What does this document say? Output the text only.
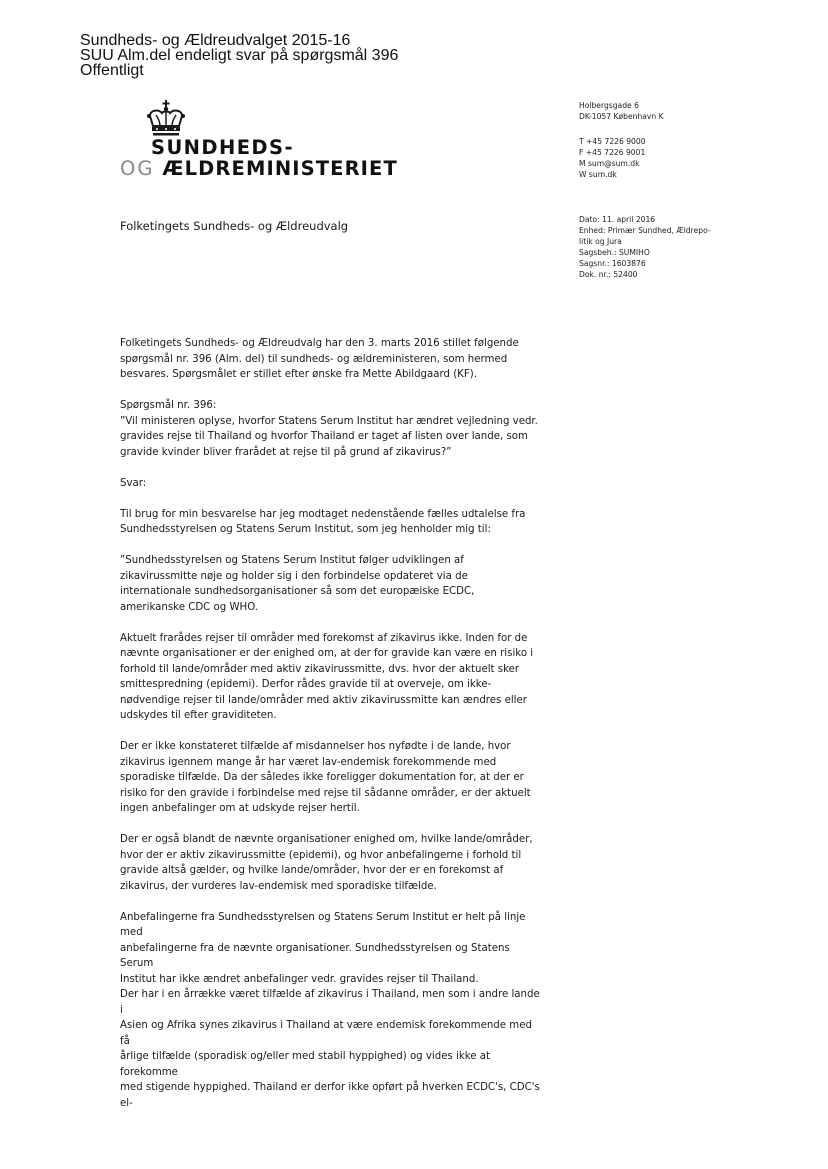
Sundheds- og Ældreudvalget 2015-16
SUU Alm.del endeligt svar på spørgsmål 396
Offentligt
SUNDHEDS-
OG ÆLDREMINISTERIET
Holbergsgade 6
DK-1057 København K
T +45 7226 9000
F +45 7226 9001
M sum@sum.dk
W sum.dk
Dato: 11. april 2016
Enhed: Primær Sundhed, Ældrepo-
litik og Jura
Sagsbeh.: SUMIHO
Sagsnr.: 1603876
Dok. nr.: 52400
Folketingets Sundheds- og Ældreudvalg

Folketingets Sundheds- og Ældreudvalg har den 3. marts 2016 stillet følgende spørgsmål nr. 396 (Alm. del) til sundheds- og ældreministeren, som hermed besvares. Spørgsmålet er stillet efter ønske fra Mette Abildgaard (KF).

Spørgsmål nr. 396:

”Vil ministeren oplyse, hvorfor Statens Serum Institut har ændret vejledning vedr. gravides rejse til Thailand og hvorfor Thailand er taget af listen over lande, som gravide kvinder bliver frarådet at rejse til på grund af zikavirus?”

Svar:

Til brug for min besvarelse har jeg modtaget nedenstående fælles udtalelse fra Sundhedsstyrelsen og Statens Serum Institut, som jeg henholder mig til:

”Sundhedsstyrelsen og Statens Serum Institut følger udviklingen af zikavirussmitte nøje og holder sig i den forbindelse opdateret via de internationale sundhedsorganisationer så som det europæiske ECDC, amerikanske CDC og WHO.

Aktuelt frarådes rejser til områder med forekomst af zikavirus ikke. Inden for de nævnte organisationer er der enighed om, at der for gravide kan være en risiko i forhold til lande/områder med aktiv zikavirussmitte, dvs. hvor der aktuelt sker smittespredning (epidemi). Derfor rådes gravide til at overveje, om ikke-nødvendige rejser til lande/områder med aktiv zikavirussmitte kan ændres eller udskydes til efter graviditeten.

Der er ikke konstateret tilfælde af misdannelser hos nyfødte i de lande, hvor zikavirus igennem mange år har været lav-endemisk forekommende med sporadiske tilfælde. Da der således ikke foreligger dokumentation for, at der er risiko for den gravide i forbindelse med rejse til sådanne områder, er der aktuelt ingen anbefalinger om at udskyde rejser hertil.

Der er også blandt de nævnte organisationer enighed om, hvilke lande/områder, hvor der er aktiv zikavirussmitte (epidemi), og hvor anbefalingerne i forhold til gravide altså gælder, og hvilke lande/områder, hvor der er en forekomst af zikavirus, der vurderes lav-endemisk med sporadiske tilfælde.

Anbefalingerne fra Sundhedsstyrelsen og Statens Serum Institut er helt på linje med
anbefalingerne fra de nævnte organisationer. Sundhedsstyrelsen og Statens Serum
Institut har ikke ændret anbefalinger vedr. gravides rejser til Thailand.
Der har i en årrække været tilfælde af zikavirus i Thailand, men som i andre lande i
Asien og Afrika synes zikavirus i Thailand at være endemisk forekommende med få
årlige tilfælde (sporadisk og/eller med stabil hyppighed) og vides ikke at forekomme
med stigende hyppighed. Thailand er derfor ikke opført på hverken ECDC's, CDC's el-
